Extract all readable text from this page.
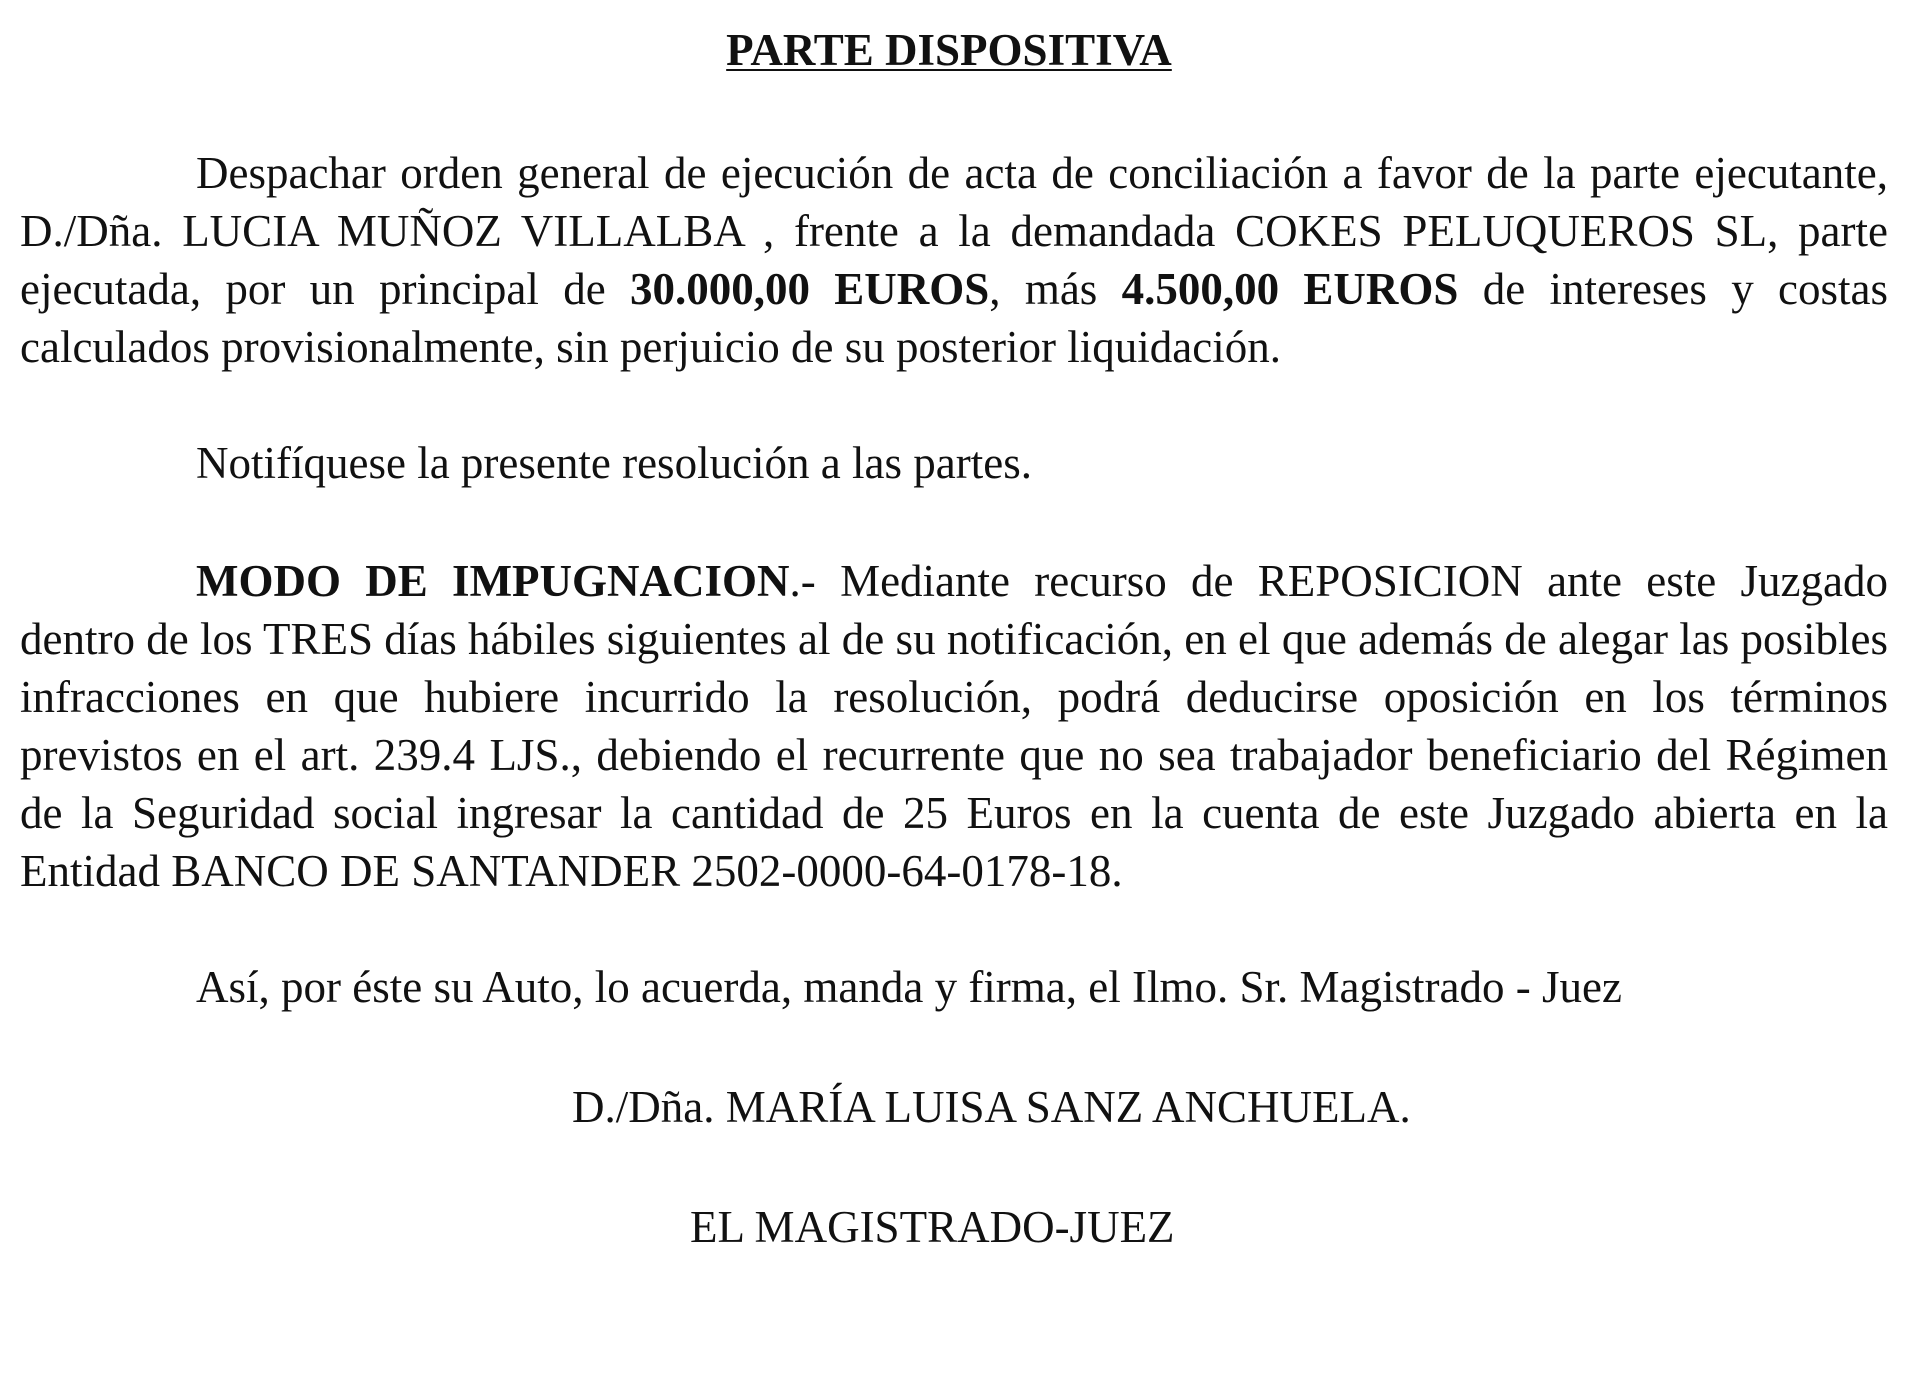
PARTE DISPOSITIVA

Despachar orden general de ejecución de acta de conciliación a favor de la parte ejecutante, D./Dña. LUCIA MUÑOZ VILLALBA , frente a la demandada COKES PELUQUEROS SL, parte ejecutada, por un principal de 30.000,00 EUROS, más 4.500,00 EUROS de intereses y costas calculados provisionalmente, sin perjuicio de su posterior liquidación.

Notifíquese la presente resolución a las partes.

MODO DE IMPUGNACION.- Mediante recurso de REPOSICION ante este Juzgado dentro de los TRES días hábiles siguientes al de su notificación, en el que además de alegar las posibles infracciones en que hubiere incurrido la resolución, podrá deducirse oposición en los términos previstos en el art. 239.4 LJS., debiendo el recurrente que no sea trabajador beneficiario del Régimen de la Seguridad social ingresar la cantidad de 25 Euros en la cuenta de este Juzgado abierta en la Entidad BANCO DE SANTANDER 2502-0000-64-0178-18.

Así, por éste su Auto, lo acuerda, manda y firma, el Ilmo. Sr. Magistrado - Juez

D./Dña. MARÍA LUISA SANZ ANCHUELA.

EL MAGISTRADO-JUEZ
